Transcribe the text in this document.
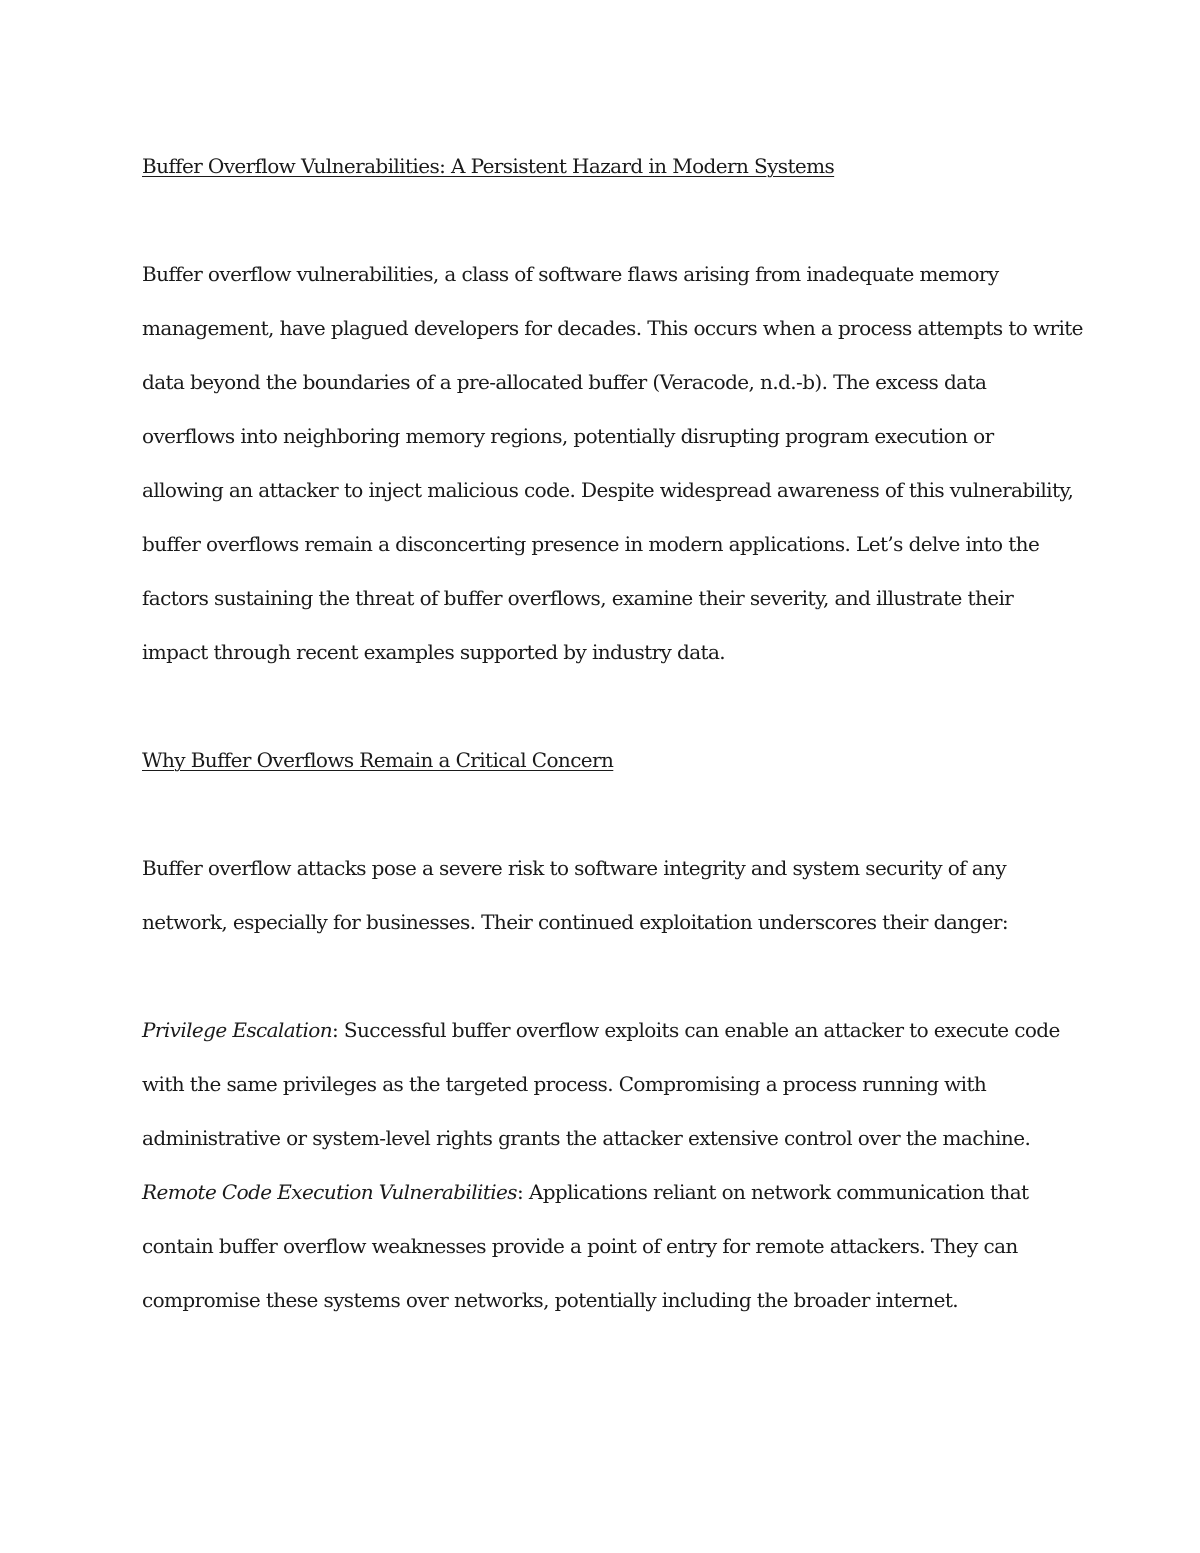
Buffer Overflow Vulnerabilities: A Persistent Hazard in Modern Systems

Buffer overflow vulnerabilities, a class of software flaws arising from inadequate memory

management, have plagued developers for decades. This occurs when a process attempts to write

data beyond the boundaries of a pre-allocated buffer (Veracode, n.d.-b). The excess data

overflows into neighboring memory regions, potentially disrupting program execution or

allowing an attacker to inject malicious code. Despite widespread awareness of this vulnerability,

buffer overflows remain a disconcerting presence in modern applications. Let’s delve into the

factors sustaining the threat of buffer overflows, examine their severity, and illustrate their

impact through recent examples supported by industry data.

Why Buffer Overflows Remain a Critical Concern

Buffer overflow attacks pose a severe risk to software integrity and system security of any

network, especially for businesses. Their continued exploitation underscores their danger:

Privilege Escalation: Successful buffer overflow exploits can enable an attacker to execute code

with the same privileges as the targeted process. Compromising a process running with

administrative or system-level rights grants the attacker extensive control over the machine.

Remote Code Execution Vulnerabilities: Applications reliant on network communication that

contain buffer overflow weaknesses provide a point of entry for remote attackers. They can

compromise these systems over networks, potentially including the broader internet.
